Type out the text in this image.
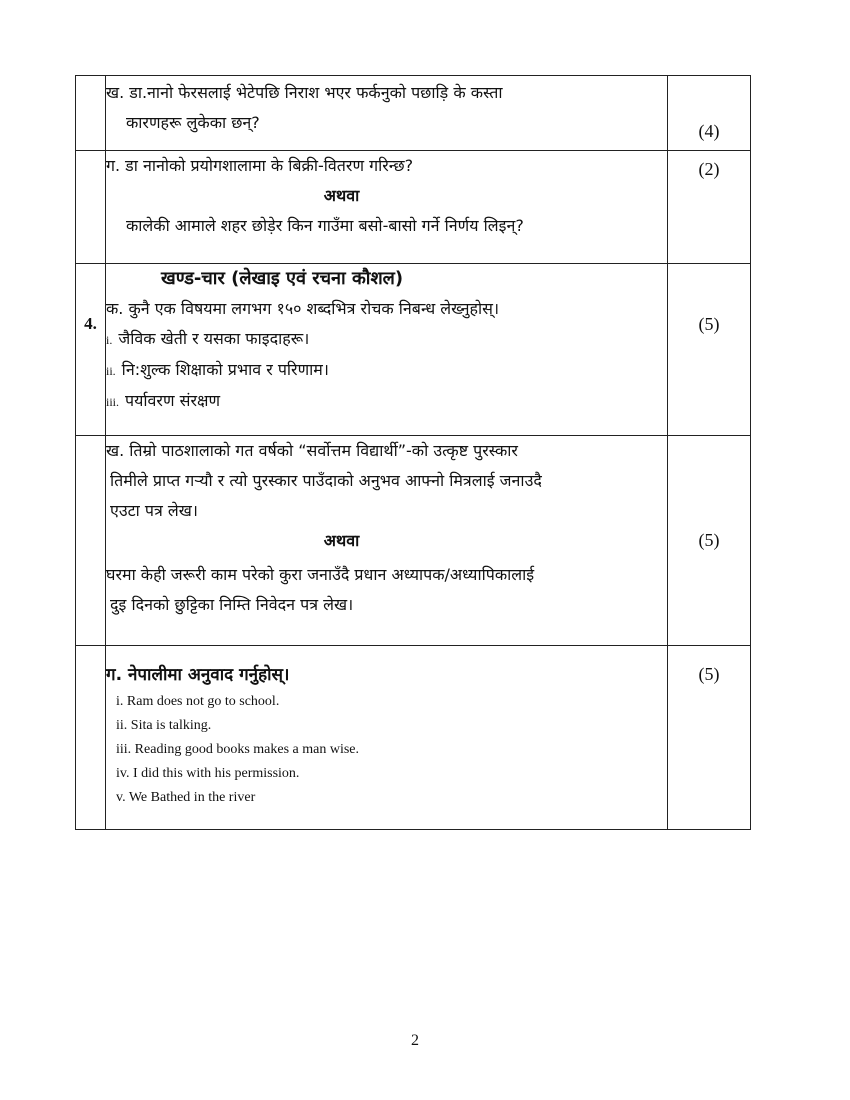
	ख. डा.नानो फेरसलाई भेटेपछि निराश भएर फर्कनुको पछाड़ि के कस्ता
कारणहरू लुकेका छन्?	(4)

	ग. डा नानोको प्रयोगशालामा के बिक्री-वितरण गरिन्छ?
अथवा
कालेकी आमाले शहर छोड़ेर किन गाउँमा बसो-बासो गर्ने निर्णय लिइन्?	(2)
4.	खण्ड-चार (लेखाइ एवं रचना कौशल)
क. कुनै एक विषयमा लगभग १५० शब्दभित्र रोचक निबन्ध लेख्नुहोस्।
i. जैविक खेती र यसका फाइदाहरू।
ii. नि:शुल्क शिक्षाको प्रभाव र परिणाम।
iii. पर्यावरण संरक्षण	(5)

ख. तिम्रो पाठशालाको गत वर्षको “सर्वोत्तम विद्यार्थी”-को उत्कृष्ट पुरस्कार
तिमीले प्राप्त गऱ्यौ र त्यो पुरस्कार पाउँदाको अनुभव आफ्नो मित्रलाई जनाउदै
एउटा पत्र लेख।
अथवा
घरमा केही जरूरी काम परेको कुरा जनाउँदै प्रधान अध्यापक/अध्यापिकालाई
दुइ दिनको छुट्टिका निम्ति निवेदन पत्र लेख।
	(5)

ग. नेपालीमा अनुवाद गर्नुहोस्।
i. Ram does not go to school.
ii. Sita is talking.
iii. Reading good books makes a man wise.
iv. I did this with his permission.
v. We Bathed in the river
	(5)
2
